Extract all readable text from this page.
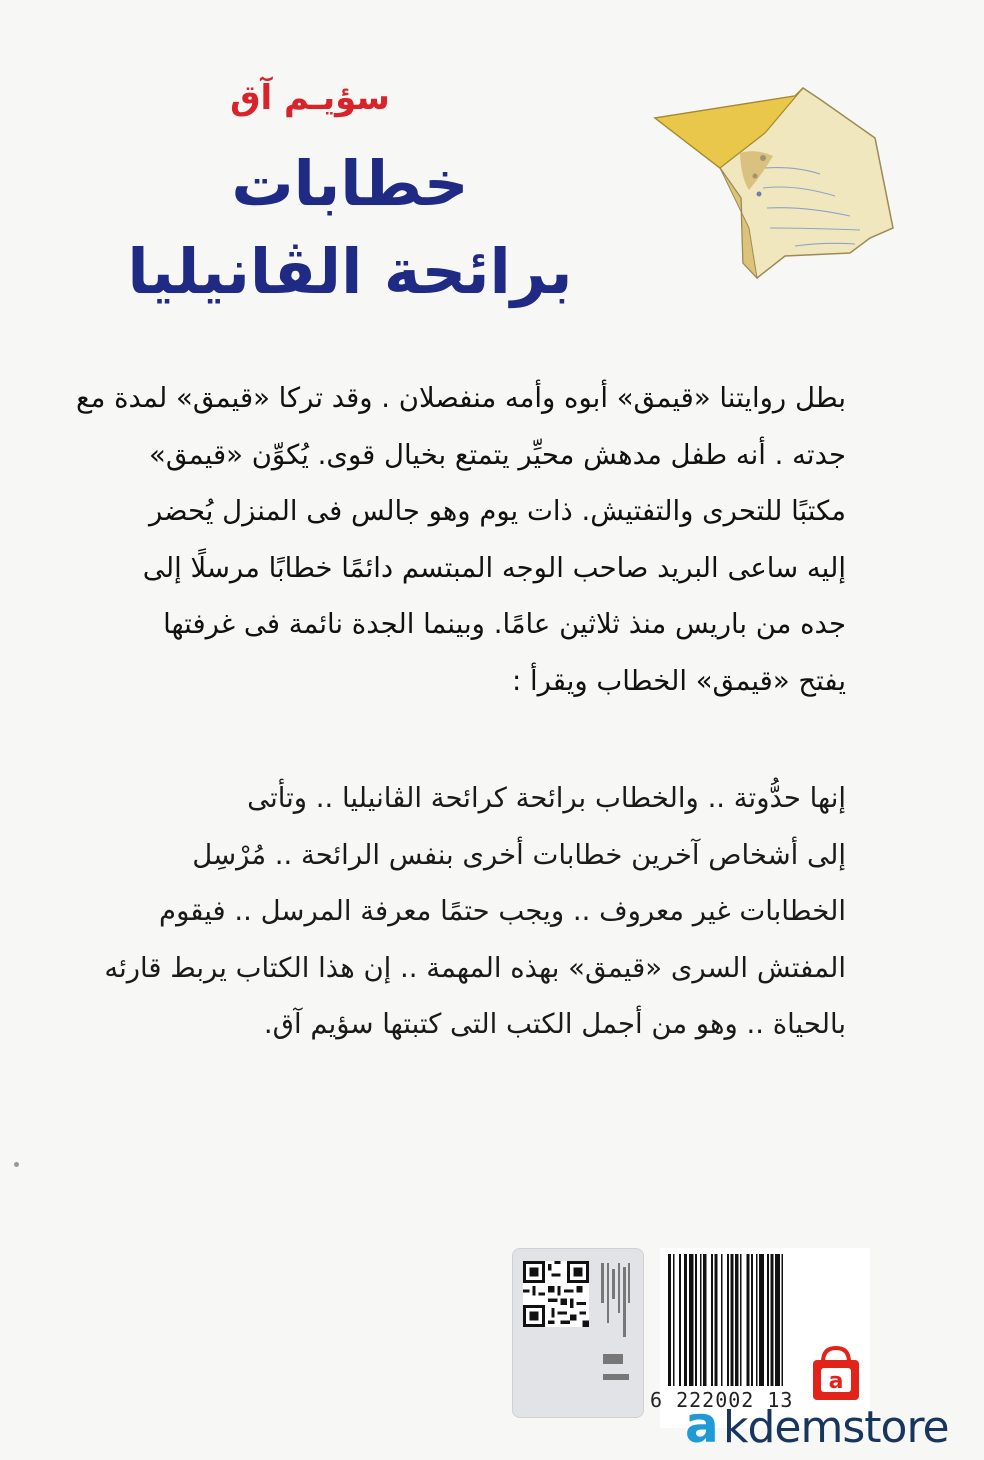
سؤيـم آق
خطابات
برائحة الڤانيليا
بطل روايتنا «قيمق» أبوه وأمه منفصلان . وقد تركا «قيمق» لمدة مع
جدته . أنه طفل مدهش محيِّر يتمتع بخيال قوى. يُكوِّن «قيمق»
مكتبًا للتحرى والتفتيش. ذات يوم وهو جالس فى المنزل يُحضر
إليه ساعى البريد صاحب الوجه المبتسم دائمًا خطابًا مرسلًا إلى
جده من باريس منذ ثلاثين عامًا. وبينما الجدة نائمة فى غرفتها
يفتح «قيمق» الخطاب ويقرأ :
إنها حدُّوتة .. والخطاب برائحة كرائحة الڤانيليا .. وتأتى
إلى أشخاص آخرين خطابات أخرى بنفس الرائحة .. مُرْسِل
الخطابات غير معروف .. ويجب حتمًا معرفة المرسل .. فيقوم
المفتش السرى «قيمق» بهذه المهمة .. إن هذا الكتاب يربط قارئه
بالحياة .. وهو من أجمل الكتب التى كتبتها سؤيم آق.
6 222002 13
a
a kdemstore
